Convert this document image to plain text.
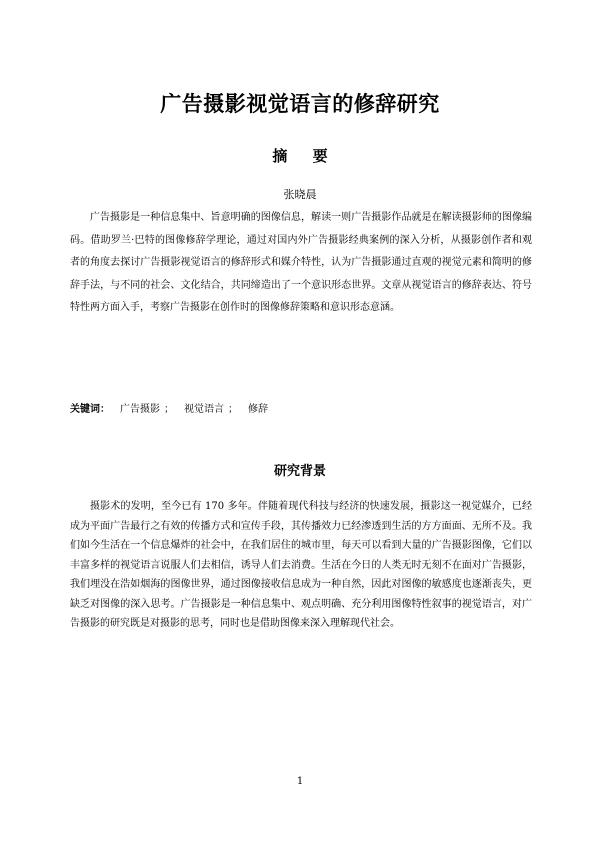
广告摄影视觉语言的修辞研究
摘 要
张晓晨

广告摄影是一种信息集中、旨意明确的图像信息，解读一则广告摄影作品就是在解读摄影师的图像编码。借助罗兰·巴特的图像修辞学理论，通过对国内外广告摄影经典案例的深入分析，从摄影创作者和观者的角度去探讨广告摄影视觉语言的修辞形式和媒介特性，认为广告摄影通过直观的视觉元素和简明的修辞手法，与不同的社会、文化结合，共同缔造出了一个意识形态世界。文章从视觉语言的修辞表达、符号特性两方面入手，考察广告摄影在创作时的图像修辞策略和意识形态意涵。

关键词： 广告摄影 ； 视觉语言 ； 修辞
研究背景

摄影术的发明，至今已有 170 多年。伴随着现代科技与经济的快速发展，摄影这一视觉媒介，已经成为平面广告最行之有效的传播方式和宣传手段，其传播效力已经渗透到生活的方方面面、无所不及。我们如今生活在一个信息爆炸的社会中，在我们居住的城市里，每天可以看到大量的广告摄影图像，它们以丰富多样的视觉语言说服人们去相信，诱导人们去消费。生活在今日的人类无时无刻不在面对广告摄影，我们埋没在浩如烟海的图像世界，通过图像接收信息成为一种自然，因此对图像的敏感度也逐渐丧失，更缺乏对图像的深入思考。广告摄影是一种信息集中、观点明确、充分利用图像特性叙事的视觉语言，对广告摄影的研究既是对摄影的思考，同时也是借助图像来深入理解现代社会。

1
